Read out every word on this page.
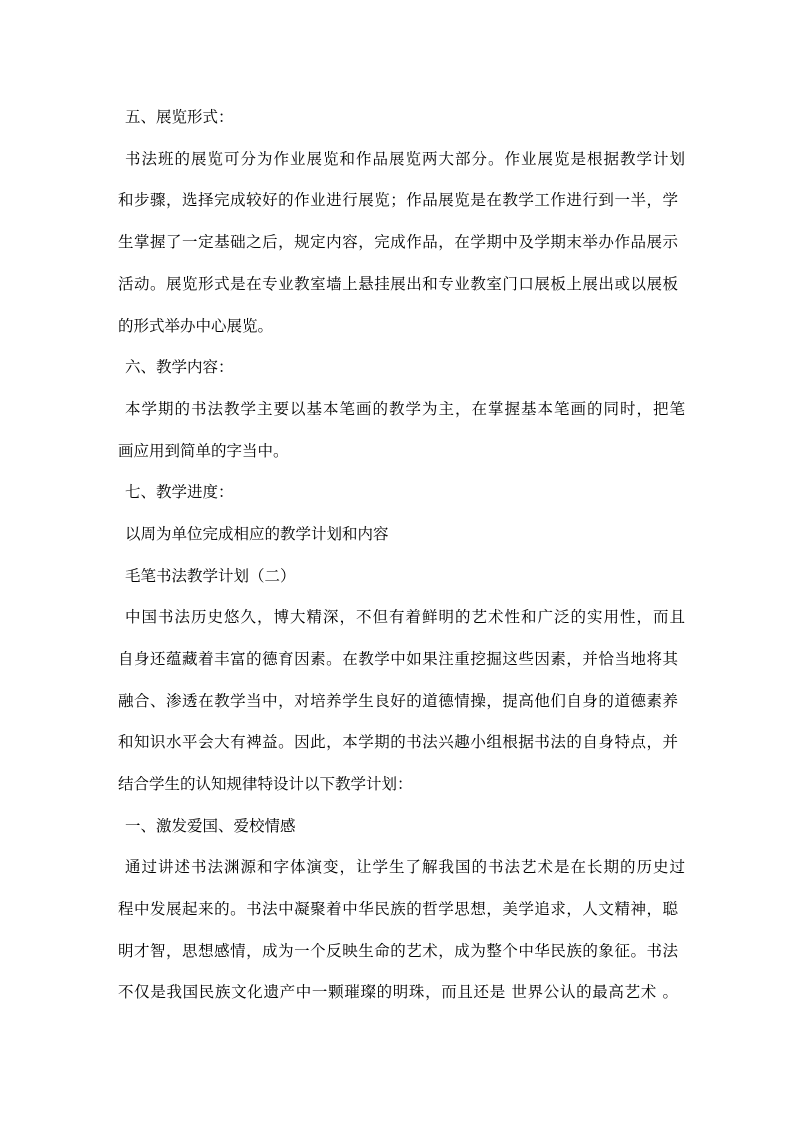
五、展览形式：
书法班的展览可分为作业展览和作品展览两大部分。作业展览是根据教学计划
和步骤，选择完成较好的作业进行展览；作品展览是在教学工作进行到一半，学
生掌握了一定基础之后，规定内容，完成作品，在学期中及学期末举办作品展示
活动。展览形式是在专业教室墙上悬挂展出和专业教室门口展板上展出或以展板
的形式举办中心展览。
六、教学内容：
本学期的书法教学主要以基本笔画的教学为主，在掌握基本笔画的同时，把笔
画应用到简单的字当中。
七、教学进度：
以周为单位完成相应的教学计划和内容
毛笔书法教学计划（二）
中国书法历史悠久，博大精深，不但有着鲜明的艺术性和广泛的实用性，而且
自身还蕴藏着丰富的德育因素。在教学中如果注重挖掘这些因素，并恰当地将其
融合、渗透在教学当中，对培养学生良好的道德情操，提高他们自身的道德素养
和知识水平会大有裨益。因此，本学期的书法兴趣小组根据书法的自身特点，并
结合学生的认知规律特设计以下教学计划：
一、激发爱国、爱校情感
通过讲述书法渊源和字体演变，让学生了解我国的书法艺术是在长期的历史过
程中发展起来的。书法中凝聚着中华民族的哲学思想，美学追求，人文精神，聪
明才智，思想感情，成为一个反映生命的艺术，成为整个中华民族的象征。书法
不仅是我国民族文化遗产中一颗璀璨的明珠，而且还是 世界公认的最高艺术 。
